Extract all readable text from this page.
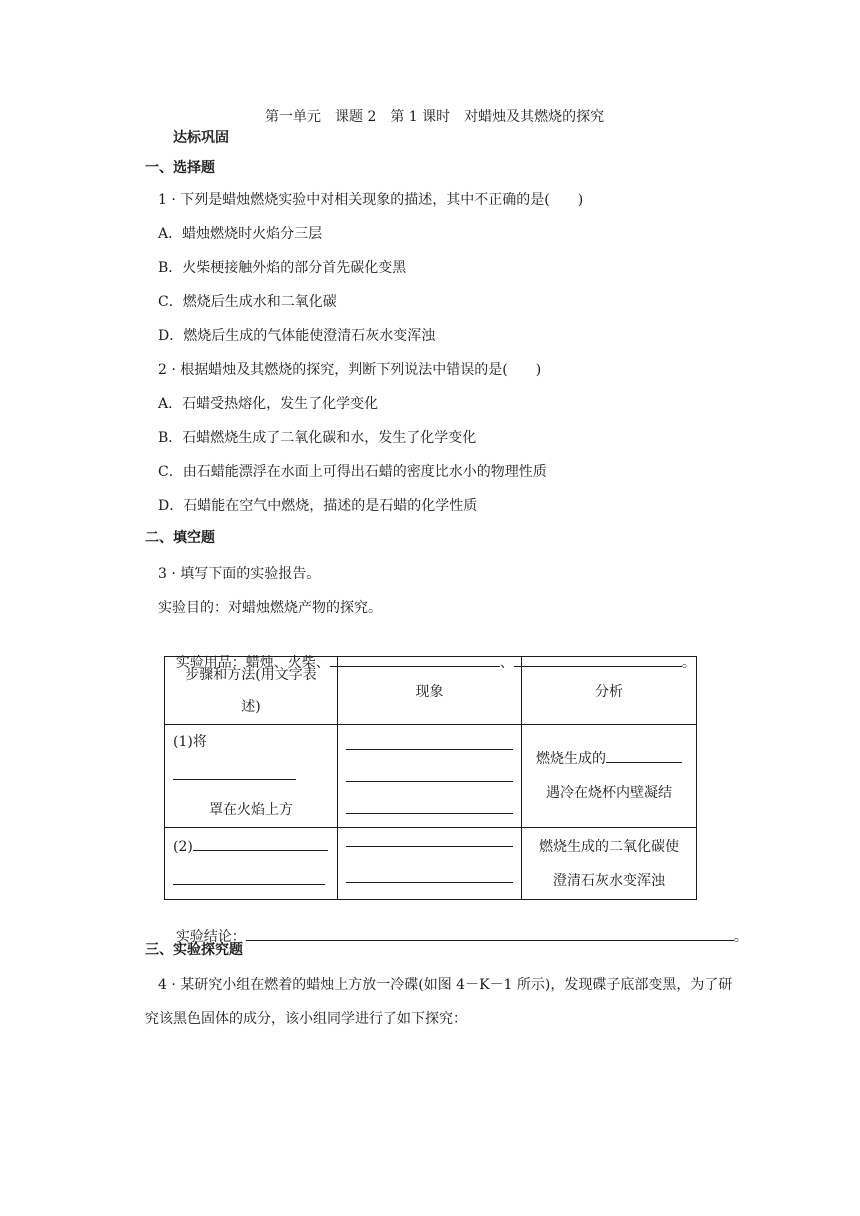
第一单元　课题 2　第 1 课时　对蜡烛及其燃烧的探究
达标巩固
一、选择题
1 · 下列是蜡烛燃烧实验中对相关现象的描述，其中不正确的是(　　)
A．蜡烛燃烧时火焰分三层
B．火柴梗接触外焰的部分首先碳化变黑
C．燃烧后生成水和二氧化碳
D．燃烧后生成的气体能使澄清石灰水变浑浊
2 · 根据蜡烛及其燃烧的探究，判断下列说法中错误的是(　　)
A．石蜡受热熔化，发生了化学变化
B．石蜡燃烧生成了二氧化碳和水，发生了化学变化
C．由石蜡能漂浮在水面上可得出石蜡的密度比水小的物理性质
D．石蜡能在空气中燃烧，描述的是石蜡的化学性质
二、填空题
3 · 填写下面的实验报告。
实验目的：对蜡烛燃烧产物的探究。

实验用品：蜡烛、火柴、	、	。

步骤和方法(用文字表
述)	现象	分析

(1)将

罩在火焰上方		燃烧生成的
遇冷在烧杯内壁凝结

(2)		燃烧生成的二氧化碳使
澄清石灰水变浑浊

实验结论：	。

三、实验探究题
4 · 某研究小组在燃着的蜡烛上方放一冷碟(如图 4－K－1 所示)，发现碟子底部变黑，为了研究该黑色固体的成分，该小组同学进行了如下探究：
